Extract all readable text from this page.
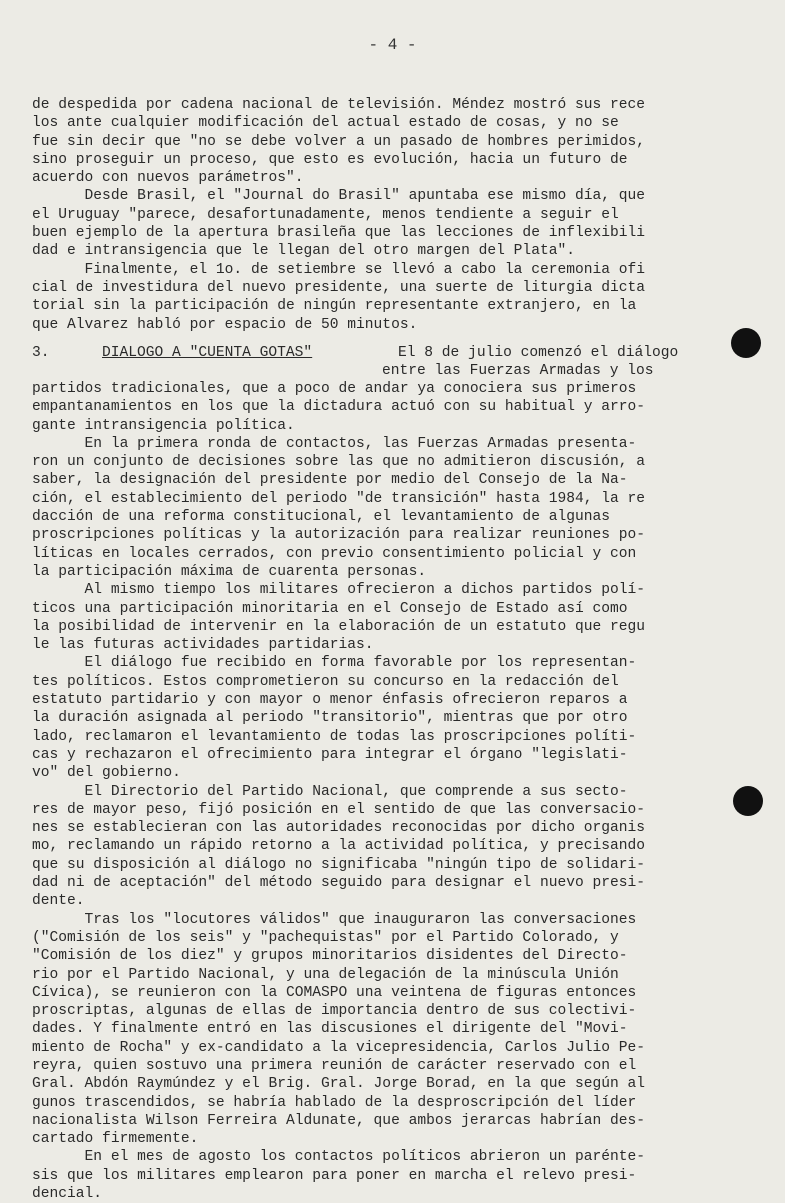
- 4 -
de despedida por cadena nacional de televisión. Méndez mostró sus rece
los ante cualquier modificación del actual estado de cosas, y no se
fue sin decir que "no se debe volver a un pasado de hombres perimidos,
sino proseguir un proceso, que esto es evolución, hacia un futuro de
acuerdo con nuevos parámetros".
Desde Brasil, el "Journal do Brasil" apuntaba ese mismo día, que
el Uruguay "parece, desafortunadamente, menos tendiente a seguir el
buen ejemplo de la apertura brasileña que las lecciones de inflexibili
dad e intransigencia que le llegan del otro margen del Plata".
Finalmente, el 1o. de setiembre se llevó a cabo la ceremonia ofi
cial de investidura del nuevo presidente, una suerte de liturgia dicta
torial sin la participación de ningún representante extranjero, en la
que Alvarez habló por espacio de 50 minutos.
3.	DIALOGO A "CUENTA GOTAS"	El 8 de julio comenzó el diálogo
entre las Fuerzas Armadas y los
partidos tradicionales, que a poco de andar ya conociera sus primeros
empantanamientos en los que la dictadura actuó con su habitual y arro-
gante intransigencia política.
En la primera ronda de contactos, las Fuerzas Armadas presenta-
ron un conjunto de decisiones sobre las que no admitieron discusión, a
saber, la designación del presidente por medio del Consejo de la Na-
ción, el establecimiento del periodo "de transición" hasta 1984, la re
dacción de una reforma constitucional, el levantamiento de algunas
proscripciones políticas y la autorización para realizar reuniones po-
líticas en locales cerrados, con previo consentimiento policial y con
la participación máxima de cuarenta personas.
Al mismo tiempo los militares ofrecieron a dichos partidos polí-
ticos una participación minoritaria en el Consejo de Estado así como
la posibilidad de intervenir en la elaboración de un estatuto que regu
le las futuras actividades partidarias.
El diálogo fue recibido en forma favorable por los representan-
tes políticos. Estos comprometieron su concurso en la redacción del
estatuto partidario y con mayor o menor énfasis ofrecieron reparos a
la duración asignada al periodo "transitorio", mientras que por otro
lado, reclamaron el levantamiento de todas las proscripciones políti-
cas y rechazaron el ofrecimiento para integrar el órgano "legislati-
vo" del gobierno.
El Directorio del Partido Nacional, que comprende a sus secto-
res de mayor peso, fijó posición en el sentido de que las conversacio-
nes se establecieran con las autoridades reconocidas por dicho organis
mo, reclamando un rápido retorno a la actividad política, y precisando
que su disposición al diálogo no significaba "ningún tipo de solidari-
dad ni de aceptación" del método seguido para designar el nuevo presi-
dente.
Tras los "locutores válidos" que inauguraron las conversaciones
("Comisión de los seis" y "pachequistas" por el Partido Colorado, y
"Comisión de los diez" y grupos minoritarios disidentes del Directo-
rio por el Partido Nacional, y una delegación de la minúscula Unión
Cívica), se reunieron con la COMASPO una veintena de figuras entonces
proscriptas, algunas de ellas de importancia dentro de sus colectivi-
dades. Y finalmente entró en las discusiones el dirigente del "Movi-
miento de Rocha" y ex-candidato a la vicepresidencia, Carlos Julio Pe-
reyra, quien sostuvo una primera reunión de carácter reservado con el
Gral. Abdón Raymúndez y el Brig. Gral. Jorge Borad, en la que según al
gunos trascendidos, se habría hablado de la desproscripción del líder
nacionalista Wilson Ferreira Aldunate, que ambos jerarcas habrían des-
cartado firmemente.
En el mes de agosto los contactos políticos abrieron un parénte-
sis que los militares emplearon para poner en marcha el relevo presi-
dencial.
